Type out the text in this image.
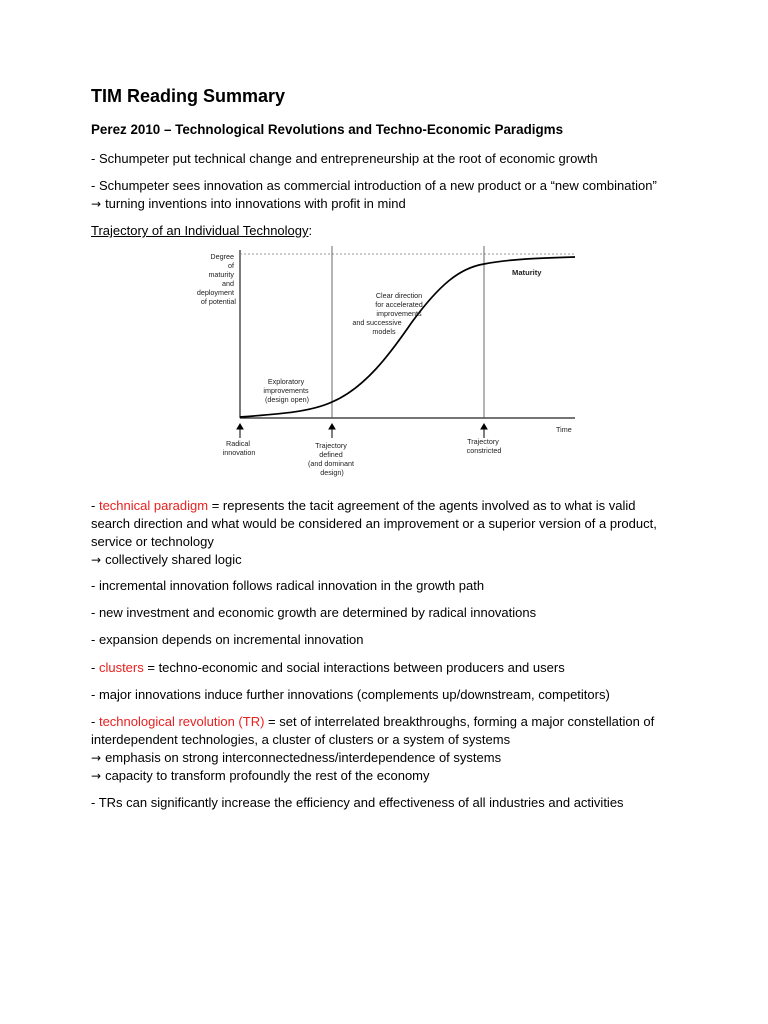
TIM Reading Summary
Perez 2010 – Technological Revolutions and Techno-Economic Paradigms

- Schumpeter put technical change and entrepreneurship at the root of economic growth

- Schumpeter sees innovation as commercial introduction of a new product or a “new combination”
→ turning inventions into innovations with profit in mind

Trajectory of an Individual Technology:

Degree of maturity and deployment of potential
Time
Exploratory improvements (design open)
Clear direction for accelerated improvements and successive models
Maturity
Radical innovation
Trajectory defined (and dominant design)
Trajectory constricted

- technical paradigm = represents the tacit agreement of the agents involved as to what is valid
search direction and what would be considered an improvement or a superior version of a product,
service or technology
→ collectively shared logic

- incremental innovation follows radical innovation in the growth path

- new investment and economic growth are determined by radical innovations

- expansion depends on incremental innovation

- clusters = techno-economic and social interactions between producers and users

- major innovations induce further innovations (complements up/downstream, competitors)

- technological revolution (TR) = set of interrelated breakthroughs, forming a major constellation of
interdependent technologies, a cluster of clusters or a system of systems
→ emphasis on strong interconnectedness/interdependence of systems
→ capacity to transform profoundly the rest of the economy

- TRs can significantly increase the efficiency and effectiveness of all industries and activities
